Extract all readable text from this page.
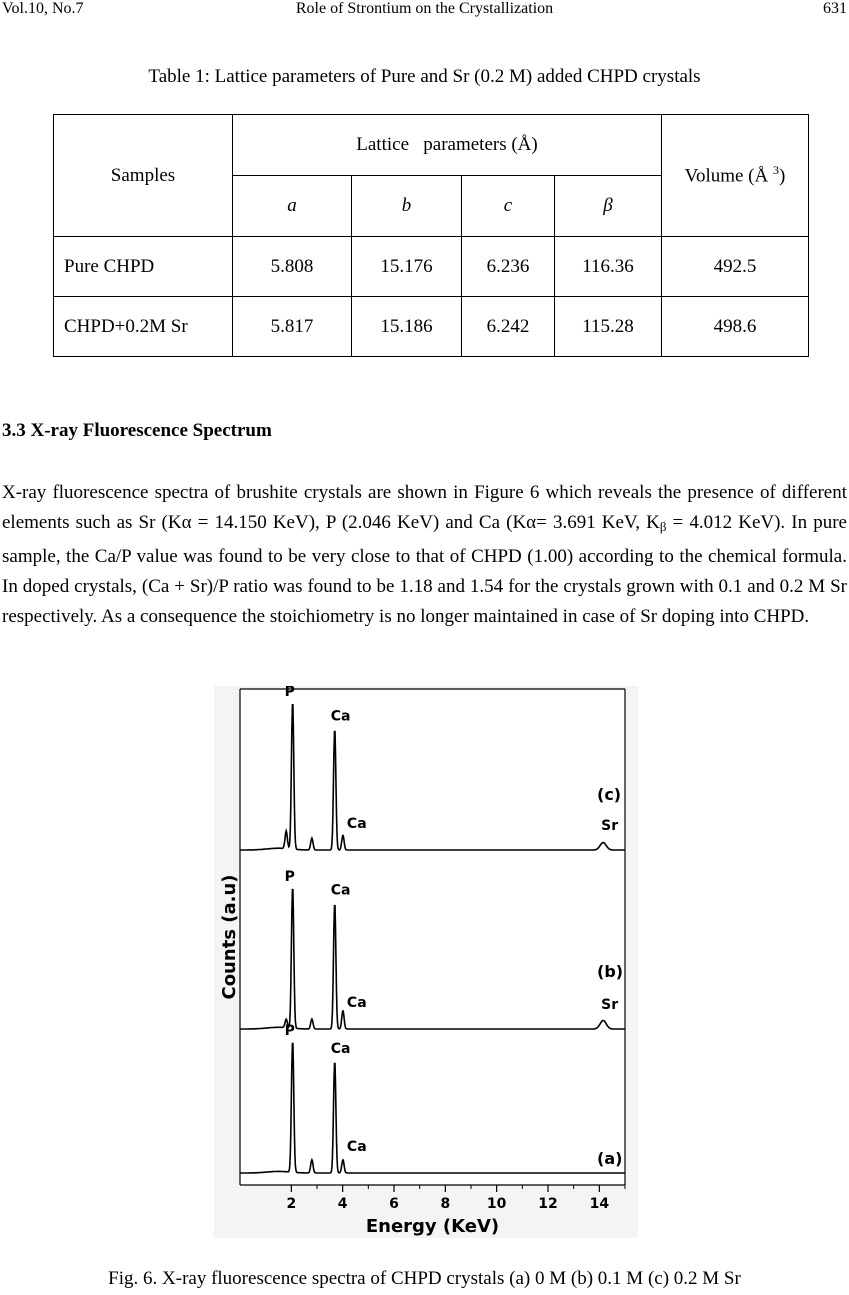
Vol.10, No.7	Role of Strontium on the Crystallization	631
Table 1: Lattice parameters of Pure and Sr (0.2 M) added CHPD crystals
Samples	Lattice   parameters (Å)				Volume (Å $^3$)
	a	b	c	β	
Pure CHPD	5.808	15.176	6.236	116.36	492.5
CHPD+0.2M Sr	5.817	15.186	6.242	115.28	498.6
3.3 X-ray Fluorescence Spectrum
X-ray fluorescence spectra of brushite crystals are shown in Figure 6 which reveals the presence of different elements such as Sr (Kα = 14.150 KeV), P (2.046 KeV) and Ca (Kα= 3.691 KeV, $K_\beta = 4.012$ KeV). In pure sample, the Ca/P value was found to be very close to that of CHPD (1.00) according to the chemical formula. In doped crystals, (Ca + Sr)/P ratio was found to be 1.18 and 1.54 for the crystals grown with 0.1 and 0.2 M Sr respectively. As a consequence the stoichiometry is no longer maintained in case of Sr doping into CHPD.
2	4	6	8	10 12 14
Energy (KeV)
Counts (a.u)
P
Ca
Ca
(a)
P
Ca
Ca	Sr
(b)
P
Ca
Ca	Sr
(c)
Fig. 6. X-ray fluorescence spectra of CHPD crystals (a) 0 M (b) 0.1 M (c) 0.2 M Sr
